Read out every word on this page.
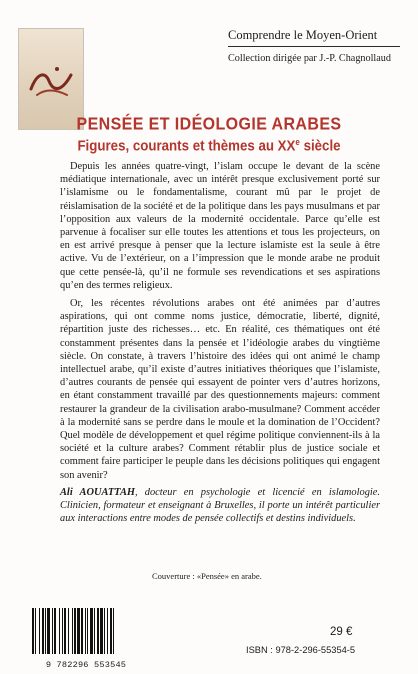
Comprendre le Moyen-Orient
Collection dirigée par J.-P. Chagnollaud
PENSÉE ET IDÉOLOGIE ARABES
Figures, courants et thèmes au XXe siècle

Depuis les années quatre-vingt, l’islam occupe le devant de la scène médiatique internationale, avec un intérêt presque exclusivement porté sur l’islamisme ou le fondamentalisme, courant mû par le projet de réislamisation de la société et de la politique dans les pays musulmans et par l’opposition aux valeurs de la modernité occidentale. Parce qu’elle est parvenue à focaliser sur elle toutes les attentions et tous les projecteurs, on en est arrivé presque à penser que la lecture islamiste est la seule à être active. Vu de l’extérieur, on a l’impression que le monde arabe ne produit que cette pensée-là, qu’il ne formule ses revendications et ses aspirations qu’en des termes religieux.

Or, les récentes révolutions arabes ont été animées par d’autres aspirations, qui ont comme noms justice, démocratie, liberté, dignité, répartition juste des richesses… etc. En réalité, ces thématiques ont été constamment présentes dans la pensée et l’idéologie arabes du vingtième siècle. On constate, à travers l’histoire des idées qui ont animé le champ intellectuel arabe, qu’il existe d’autres initiatives théoriques que l’islamiste, d’autres courants de pensée qui essayent de pointer vers d’autres horizons, en étant constamment travaillé par des questionnements majeurs: comment restaurer la grandeur de la civilisation arabo-musulmane? Comment accéder à la modernité sans se perdre dans le moule et la domination de l’Occident? Quel modèle de développement et quel régime politique conviennent-ils à la société et la culture arabes? Comment rétablir plus de justice sociale et comment faire participer le peuple dans les décisions politiques qui engagent son avenir?

Ali AOUATTAH, docteur en psychologie et licencié en islamologie. Clinicien, formateur et enseignant à Bruxelles, il porte un intérêt particulier aux interactions entre modes de pensée collectifs et destins individuels.
Couverture : «Pensée» en arabe.
9 782296 553545
29 €
ISBN : 978-2-296-55354-5
